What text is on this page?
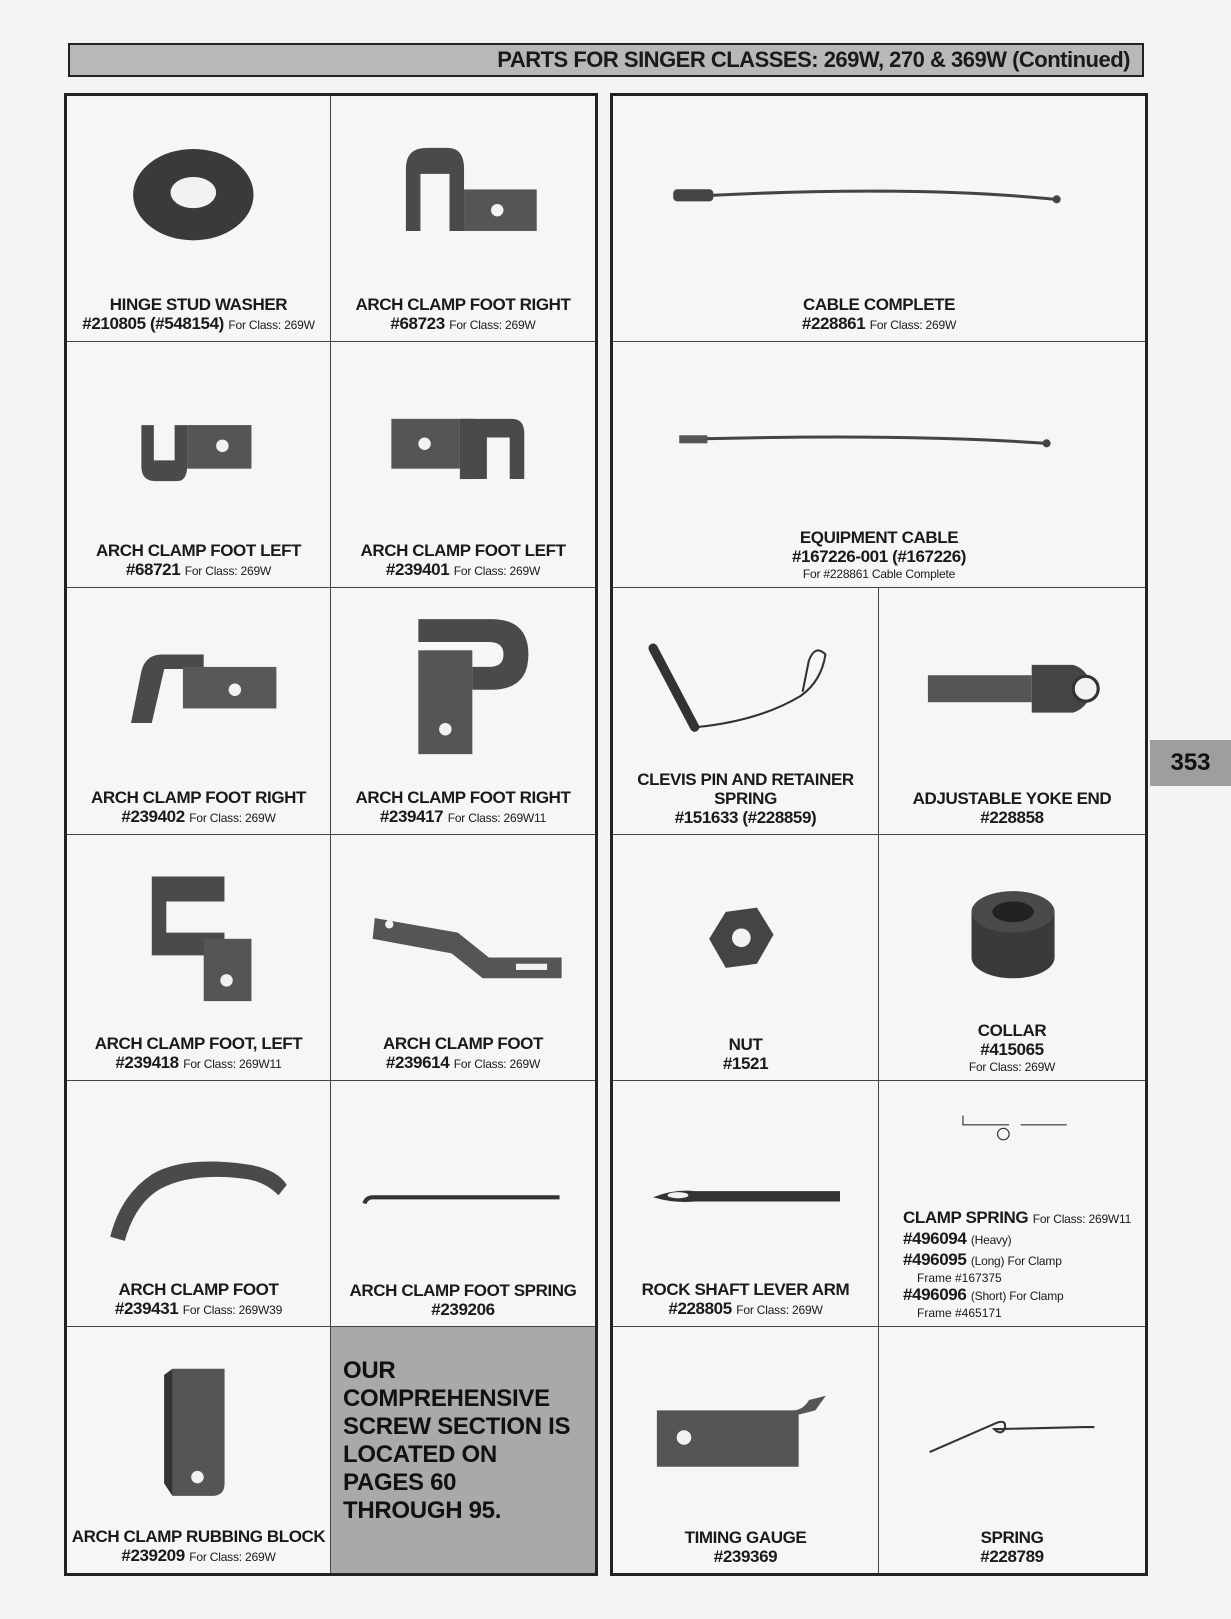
PARTS FOR SINGER CLASSES: 269W, 270 & 369W (Continued)
353
HINGE STUD WASHER
#210805 (#548154) For Class: 269W
ARCH CLAMP FOOT RIGHT
#68723 For Class: 269W
ARCH CLAMP FOOT LEFT
#68721 For Class: 269W
ARCH CLAMP FOOT LEFT
#239401 For Class: 269W
ARCH CLAMP FOOT RIGHT
#239402 For Class: 269W
ARCH CLAMP FOOT RIGHT
#239417 For Class: 269W11
ARCH CLAMP FOOT, LEFT
#239418 For Class: 269W11
ARCH CLAMP FOOT
#239614 For Class: 269W
ARCH CLAMP FOOT
#239431 For Class: 269W39
ARCH CLAMP FOOT SPRING
#239206
ARCH CLAMP RUBBING BLOCK
#239209 For Class: 269W
OUR
COMPREHENSIVE
SCREW SECTION IS
LOCATED ON
PAGES 60
THROUGH 95.
CABLE COMPLETE
#228861 For Class: 269W
EQUIPMENT CABLE
#167226-001 (#167226)
For #228861 Cable Complete
CLEVIS PIN AND RETAINER
SPRING
#151633 (#228859)
ADJUSTABLE YOKE END
#228858
NUT
#1521
COLLAR
#415065
For Class: 269W
ROCK SHAFT LEVER ARM
#228805 For Class: 269W
CLAMP SPRING For Class: 269W11
#496094 (Heavy)
#496095 (Long) For Clamp
Frame #167375
#496096 (Short) For Clamp
Frame #465171
TIMING GAUGE
#239369
SPRING
#228789
